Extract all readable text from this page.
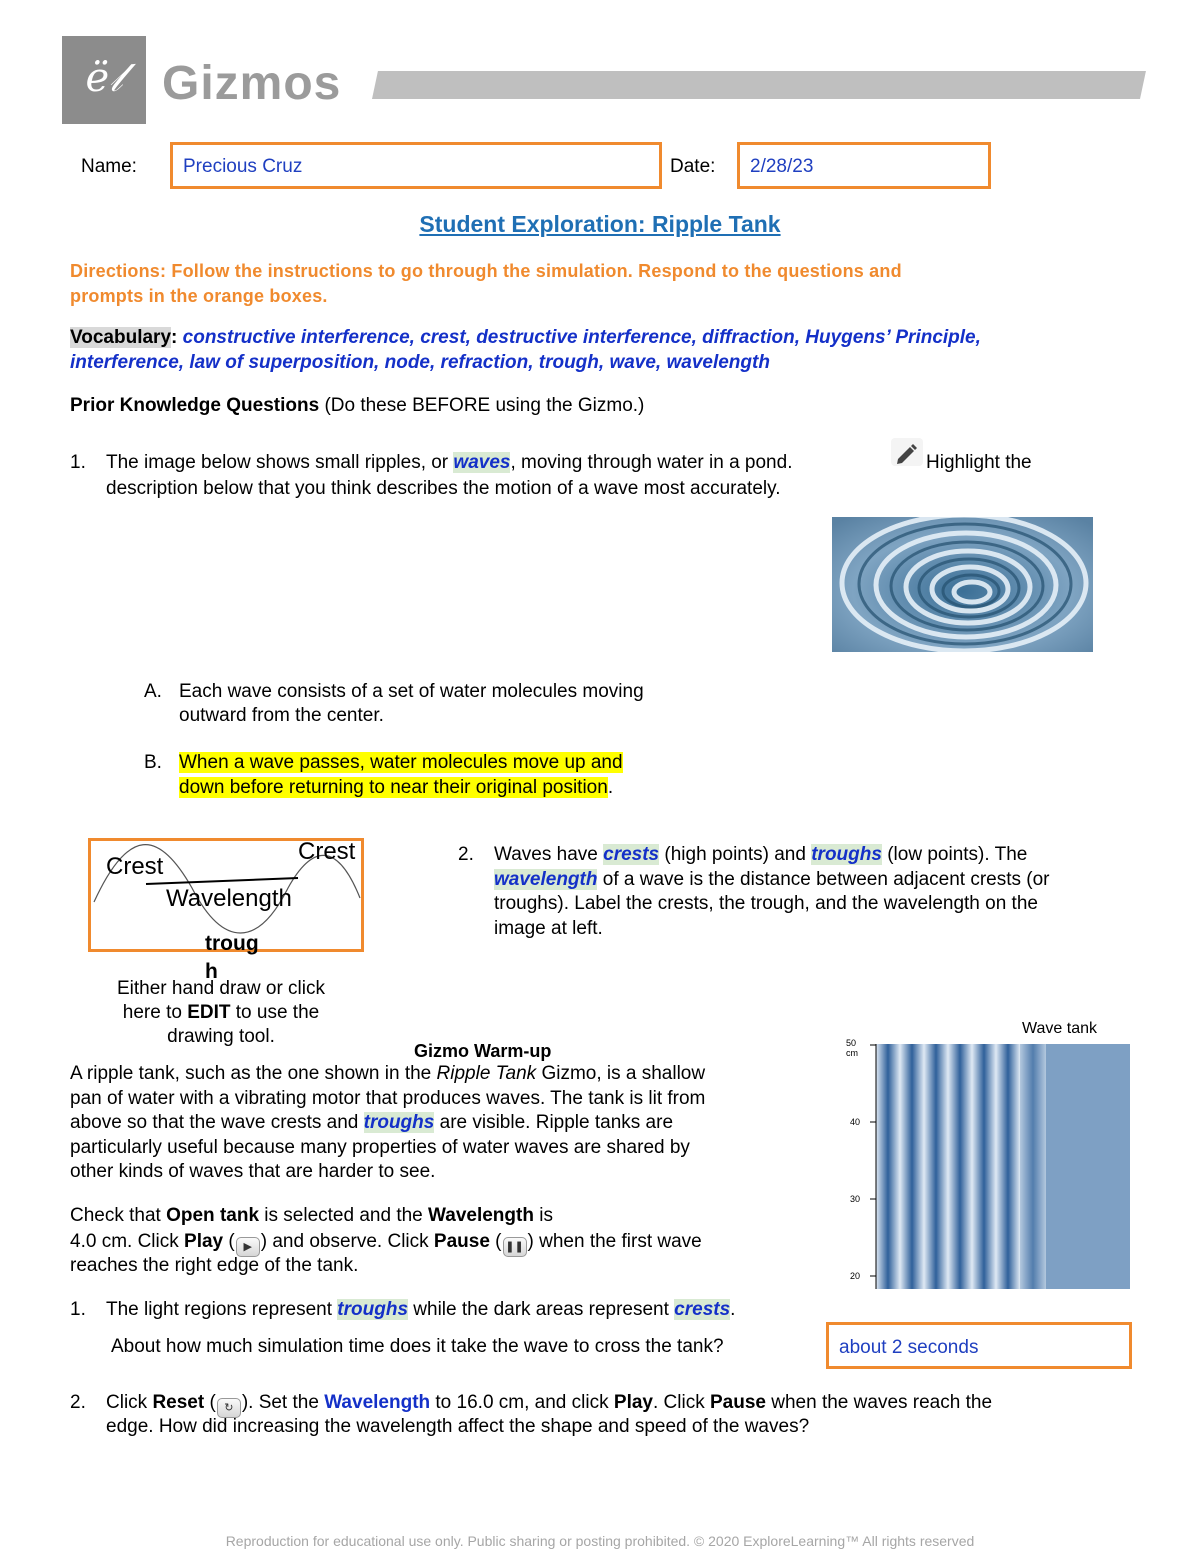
ë𝓁 Gizmos
Name: Precious Cruz	Date: 2/28/23
Student Exploration: Ripple Tank
Directions: Follow the instructions to go through the simulation. Respond to the questions and
prompts in the orange boxes.
Vocabulary: constructive interference, crest, destructive interference, diffraction, Huygens’ Principle,
interference, law of superposition, node, refraction, trough, wave, wavelength
Prior Knowledge Questions (Do these BEFORE using the Gizmo.)
1. The image below shows small ripples, or waves, moving through water in a pond.	Highlight the
description below that you think describes the motion of a wave most accurately.
A. Each wave consists of a set of water molecules moving
outward from the center.
B. When a wave passes, water molecules move up and
down before returning to near their original position.
Crest
Crest
Wavelength
troug
h
Either hand draw or click
here to EDIT to use the
drawing tool.
2. Waves have crests (high points) and troughs (low points). The
wavelength of a wave is the distance between adjacent crests (or
troughs). Label the crests, the trough, and the wavelength on the
image at left.
Gizmo Warm-up
A ripple tank, such as the one shown in the Ripple Tank Gizmo, is a shallow
pan of water with a vibrating motor that produces waves. The tank is lit from
above so that the wave crests and troughs are visible. Ripple tanks are
particularly useful because many properties of water waves are shared by
other kinds of waves that are harder to see.
Check that Open tank is selected and the Wavelength is
4.0 cm. Click Play ( ▶ ) and observe. Click Pause ( ❚❚ ) when the first wave
reaches the right edge of the tank.
Wave tank
50 cm
40
30
20
1. The light regions represent troughs while the dark areas represent crests.
About how much simulation time does it take the wave to cross the tank?	about 2 seconds
2. Click Reset ( ↻ ). Set the Wavelength to 16.0 cm, and click Play. Click Pause when the waves reach the
edge. How did increasing the wavelength affect the shape and speed of the waves?
Reproduction for educational use only. Public sharing or posting prohibited. © 2020 ExploreLearning™ All rights reserved
